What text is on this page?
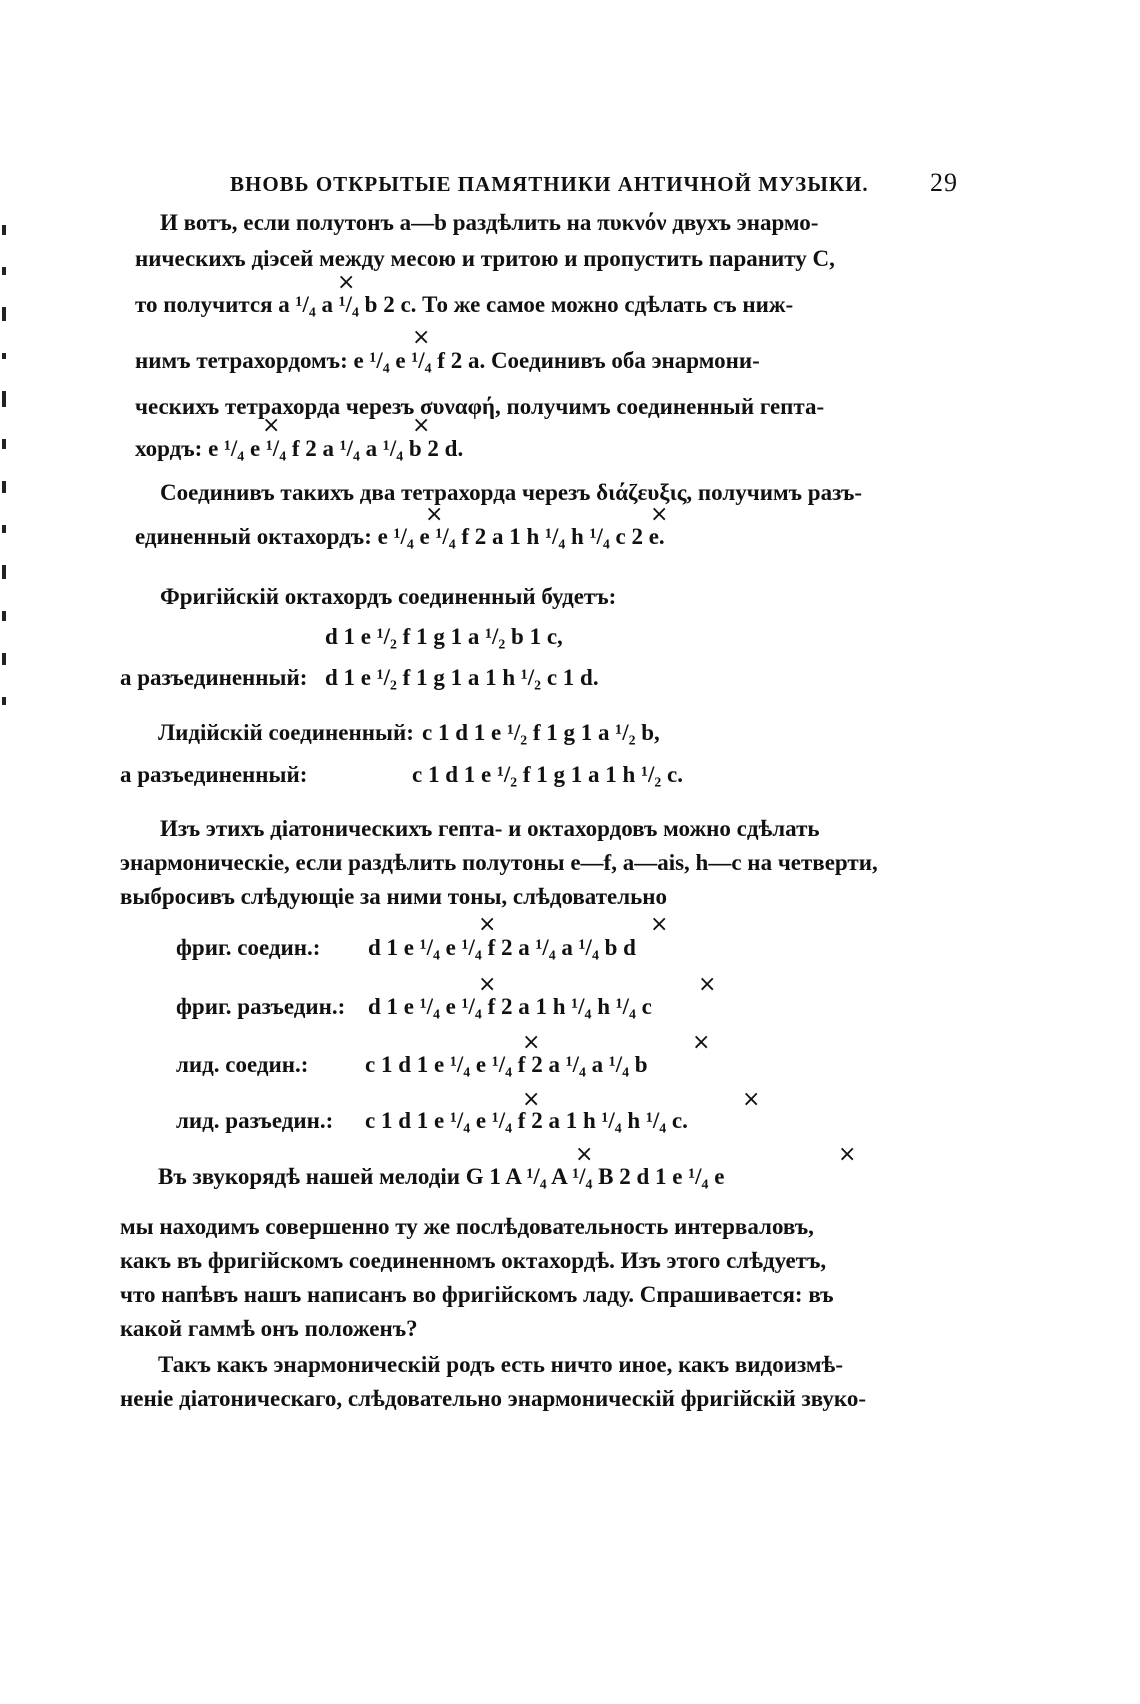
ВНОВЬ ОТКРЫТЫЕ ПАМЯТНИКИ АНТИЧНОЙ МУЗЫКИ. 29
И вотъ, если полутонъ a—b раздѣлить на πυκνόν двухъ энармо-
ническихъ діэсей между месою и тритою и пропустить параниту C,
×
то получится a ¹/₄ a ¹/₄ b 2 c. То же самое можно сдѣлать съ ниж-
×
нимъ тетрахордомъ: e ¹/₄ e ¹/₄ f 2 a. Соединивъ оба энармони-
ческихъ тетрахорда черезъ συναφή, получимъ соединенный гепта-
×	×
хордъ: e ¹/₄ e ¹/₄ f 2 a ¹/₄ a ¹/₄ b 2 d.
Соединивъ такихъ два тетрахорда черезъ διάζευξις, получимъ разъ-
×	×
единенный октахордъ: e ¹/₄ e ¹/₄ f 2 a 1 h ¹/₄ h ¹/₄ c 2 e.
Фригійскій октахордъ соединенный будетъ:
d 1 e ¹/₂ f 1 g 1 a ¹/₂ b 1 c,
а разъединенный: d 1 e ¹/₂ f 1 g 1 a 1 h ¹/₂ c 1 d.
Лидійскій соединенный: c 1 d 1 e ¹/₂ f 1 g 1 a ¹/₂ b,
а разъединенный:	c 1 d 1 e ¹/₂ f 1 g 1 a 1 h ¹/₂ c.
Изъ этихъ діатоническихъ гепта- и октахордовъ можно сдѣлать
энармоническіе, если раздѣлить полутоны e—f, a—ais, h—c на четверти,
выбросивъ слѣдующіе за ними тоны, слѣдовательно
×	×
фриг. соедин.: d 1 e ¹/₄ e ¹/₄ f 2 a ¹/₄ a ¹/₄ b d
×	×
фриг. разъедин.: d 1 e ¹/₄ e ¹/₄ f 2 a 1 h ¹/₄ h ¹/₄ c
×	×
лид. соедин.: c 1 d 1 e ¹/₄ e ¹/₄ f 2 a ¹/₄ a ¹/₄ b
×	×
лид. разъедин.: c 1 d 1 e ¹/₄ e ¹/₄ f 2 a 1 h ¹/₄ h ¹/₄ c.
×	×
Въ звукорядѣ нашей мелодіи G 1 A ¹/₄ A ¹/₄ B 2 d 1 e ¹/₄ e
мы находимъ совершенно ту же послѣдовательность интерваловъ,
какъ въ фригійскомъ соединенномъ октахордѣ. Изъ этого слѣдуетъ,
что напѣвъ нашъ написанъ во фригійскомъ ладу. Спрашивается: въ
какой гаммѣ онъ положенъ?
Такъ какъ энармоническій родъ есть ничто иное, какъ видоизмѣ-
неніе діатоническаго, слѣдовательно энармоническій фригійскій звуко-
